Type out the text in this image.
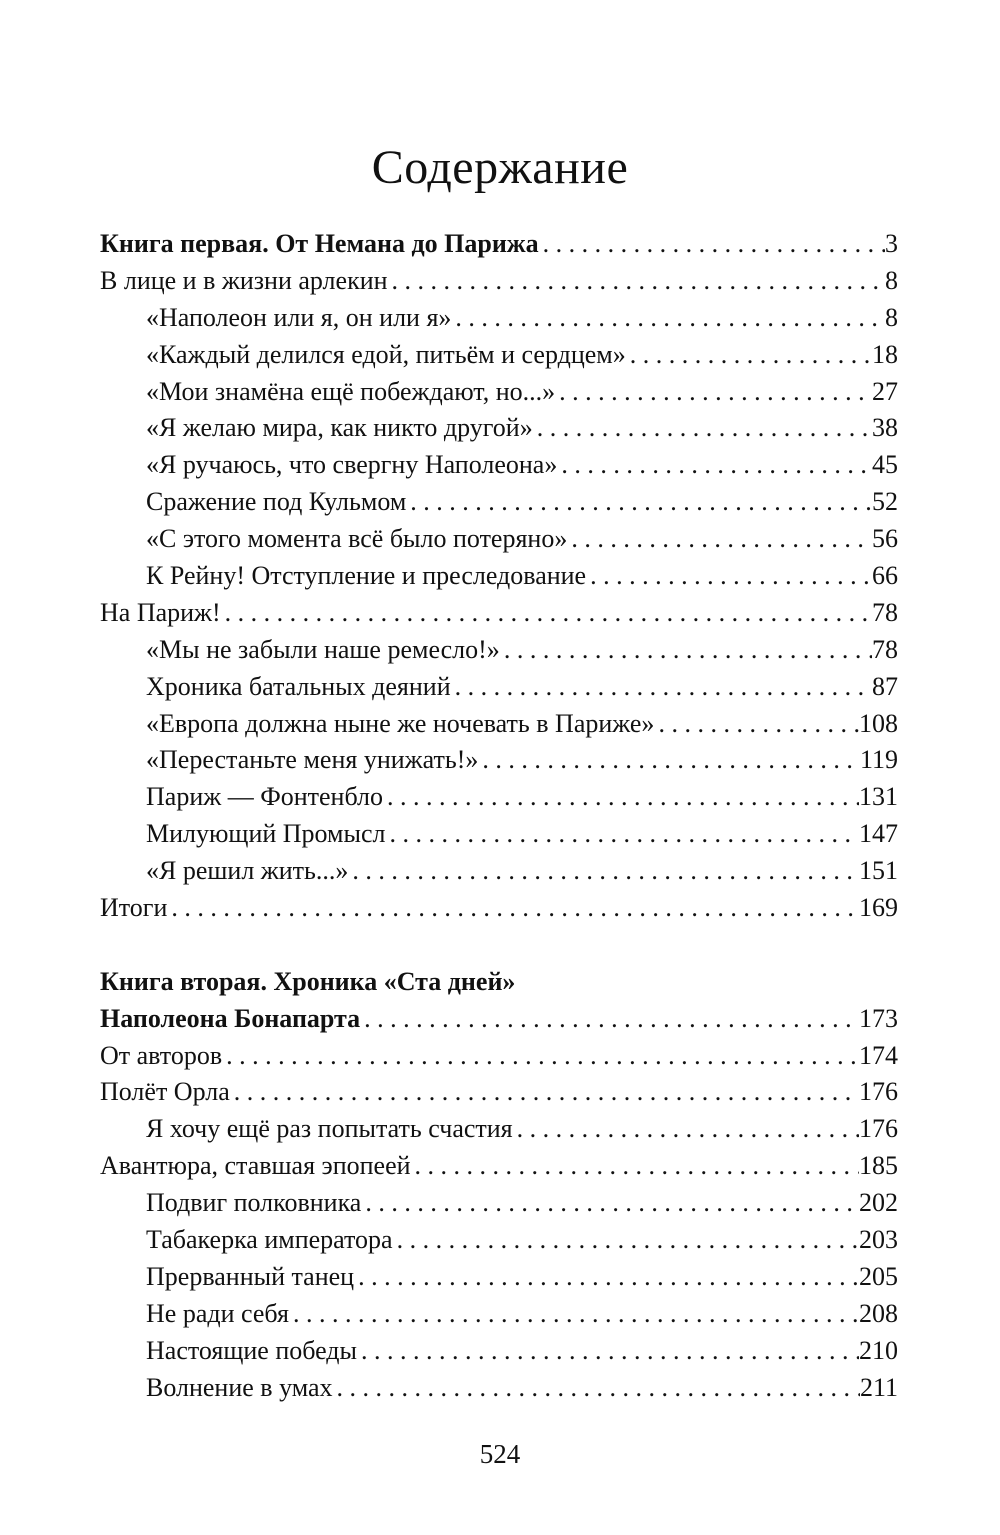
Содержание
Книга первая. От Немана до Парижа . . .	3
В лице и в жизни арлекин . . .	8
«Наполеон или я, он или я» . . .	8
«Каждый делился едой, питьём и сердцем» . . .	18
«Мои знамёна ещё побеждают, но...» . . .	27
«Я желаю мира, как никто другой» . . .	38
«Я ручаюсь, что свергну Наполеона» . . .	45
Сражение под Кульмом . . .	52
«С этого момента всё было потеряно» . . .	56
К Рейну! Отступление и преследование . . .	66
На Париж! . . .	78
«Мы не забыли наше ремесло!» . . .	78
Хроника батальных деяний . . .	87
«Европа должна ныне же ночевать в Париже» . . .	108
«Перестаньте меня унижать!» . . .	119
Париж — Фонтенбло . . .	131
Милующий Промысл . . .	147
«Я решил жить...» . . .	151
Итоги . . .	169
Книга вторая. Хроника «Ста дней»
Наполеона Бонапарта . . .	173
От авторов . . .	174
Полёт Орла . . .	176
Я хочу ещё раз попытать счастия . . .	176
Авантюра, ставшая эпопеей . . .	185
Подвиг полковника . . .	202
Табакерка императора . . .	203
Прерванный танец . . .	205
Не ради себя . . .	208
Настоящие победы . . .	210
Волнение в умах . . .	211
524
